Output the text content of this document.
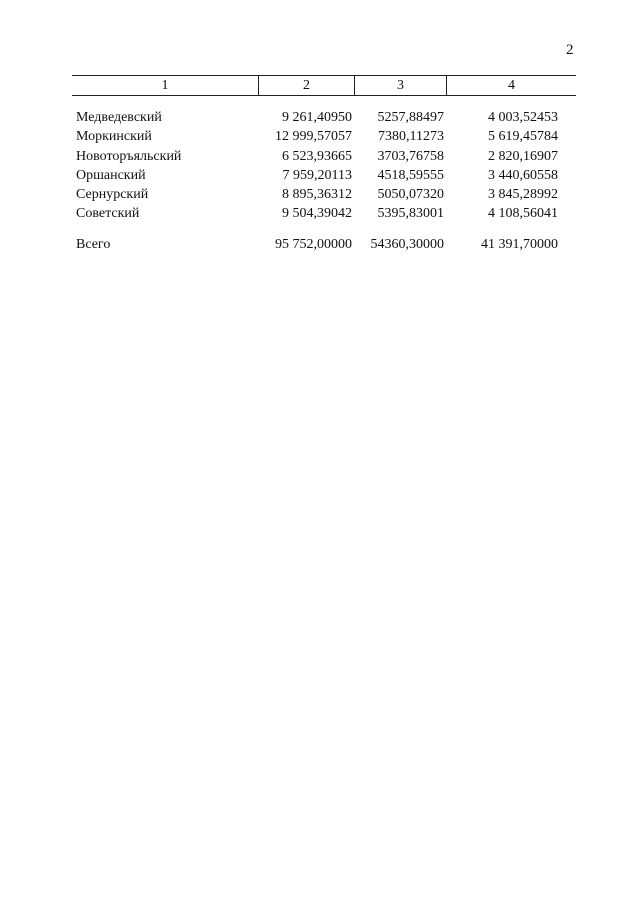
2
1	2	3	4
Медведевский	9 261,40950	5257,88497	4 003,52453
Моркинский	12 999,57057	7380,11273	5 619,45784
Новоторъяльский	6 523,93665	3703,76758	2 820,16907
Оршанский	7 959,20113	4518,59555	3 440,60558
Сернурский	8 895,36312	5050,07320	3 845,28992
Советский	9 504,39042	5395,83001	4 108,56041
Всего	95 752,00000	54360,30000	41 391,70000
